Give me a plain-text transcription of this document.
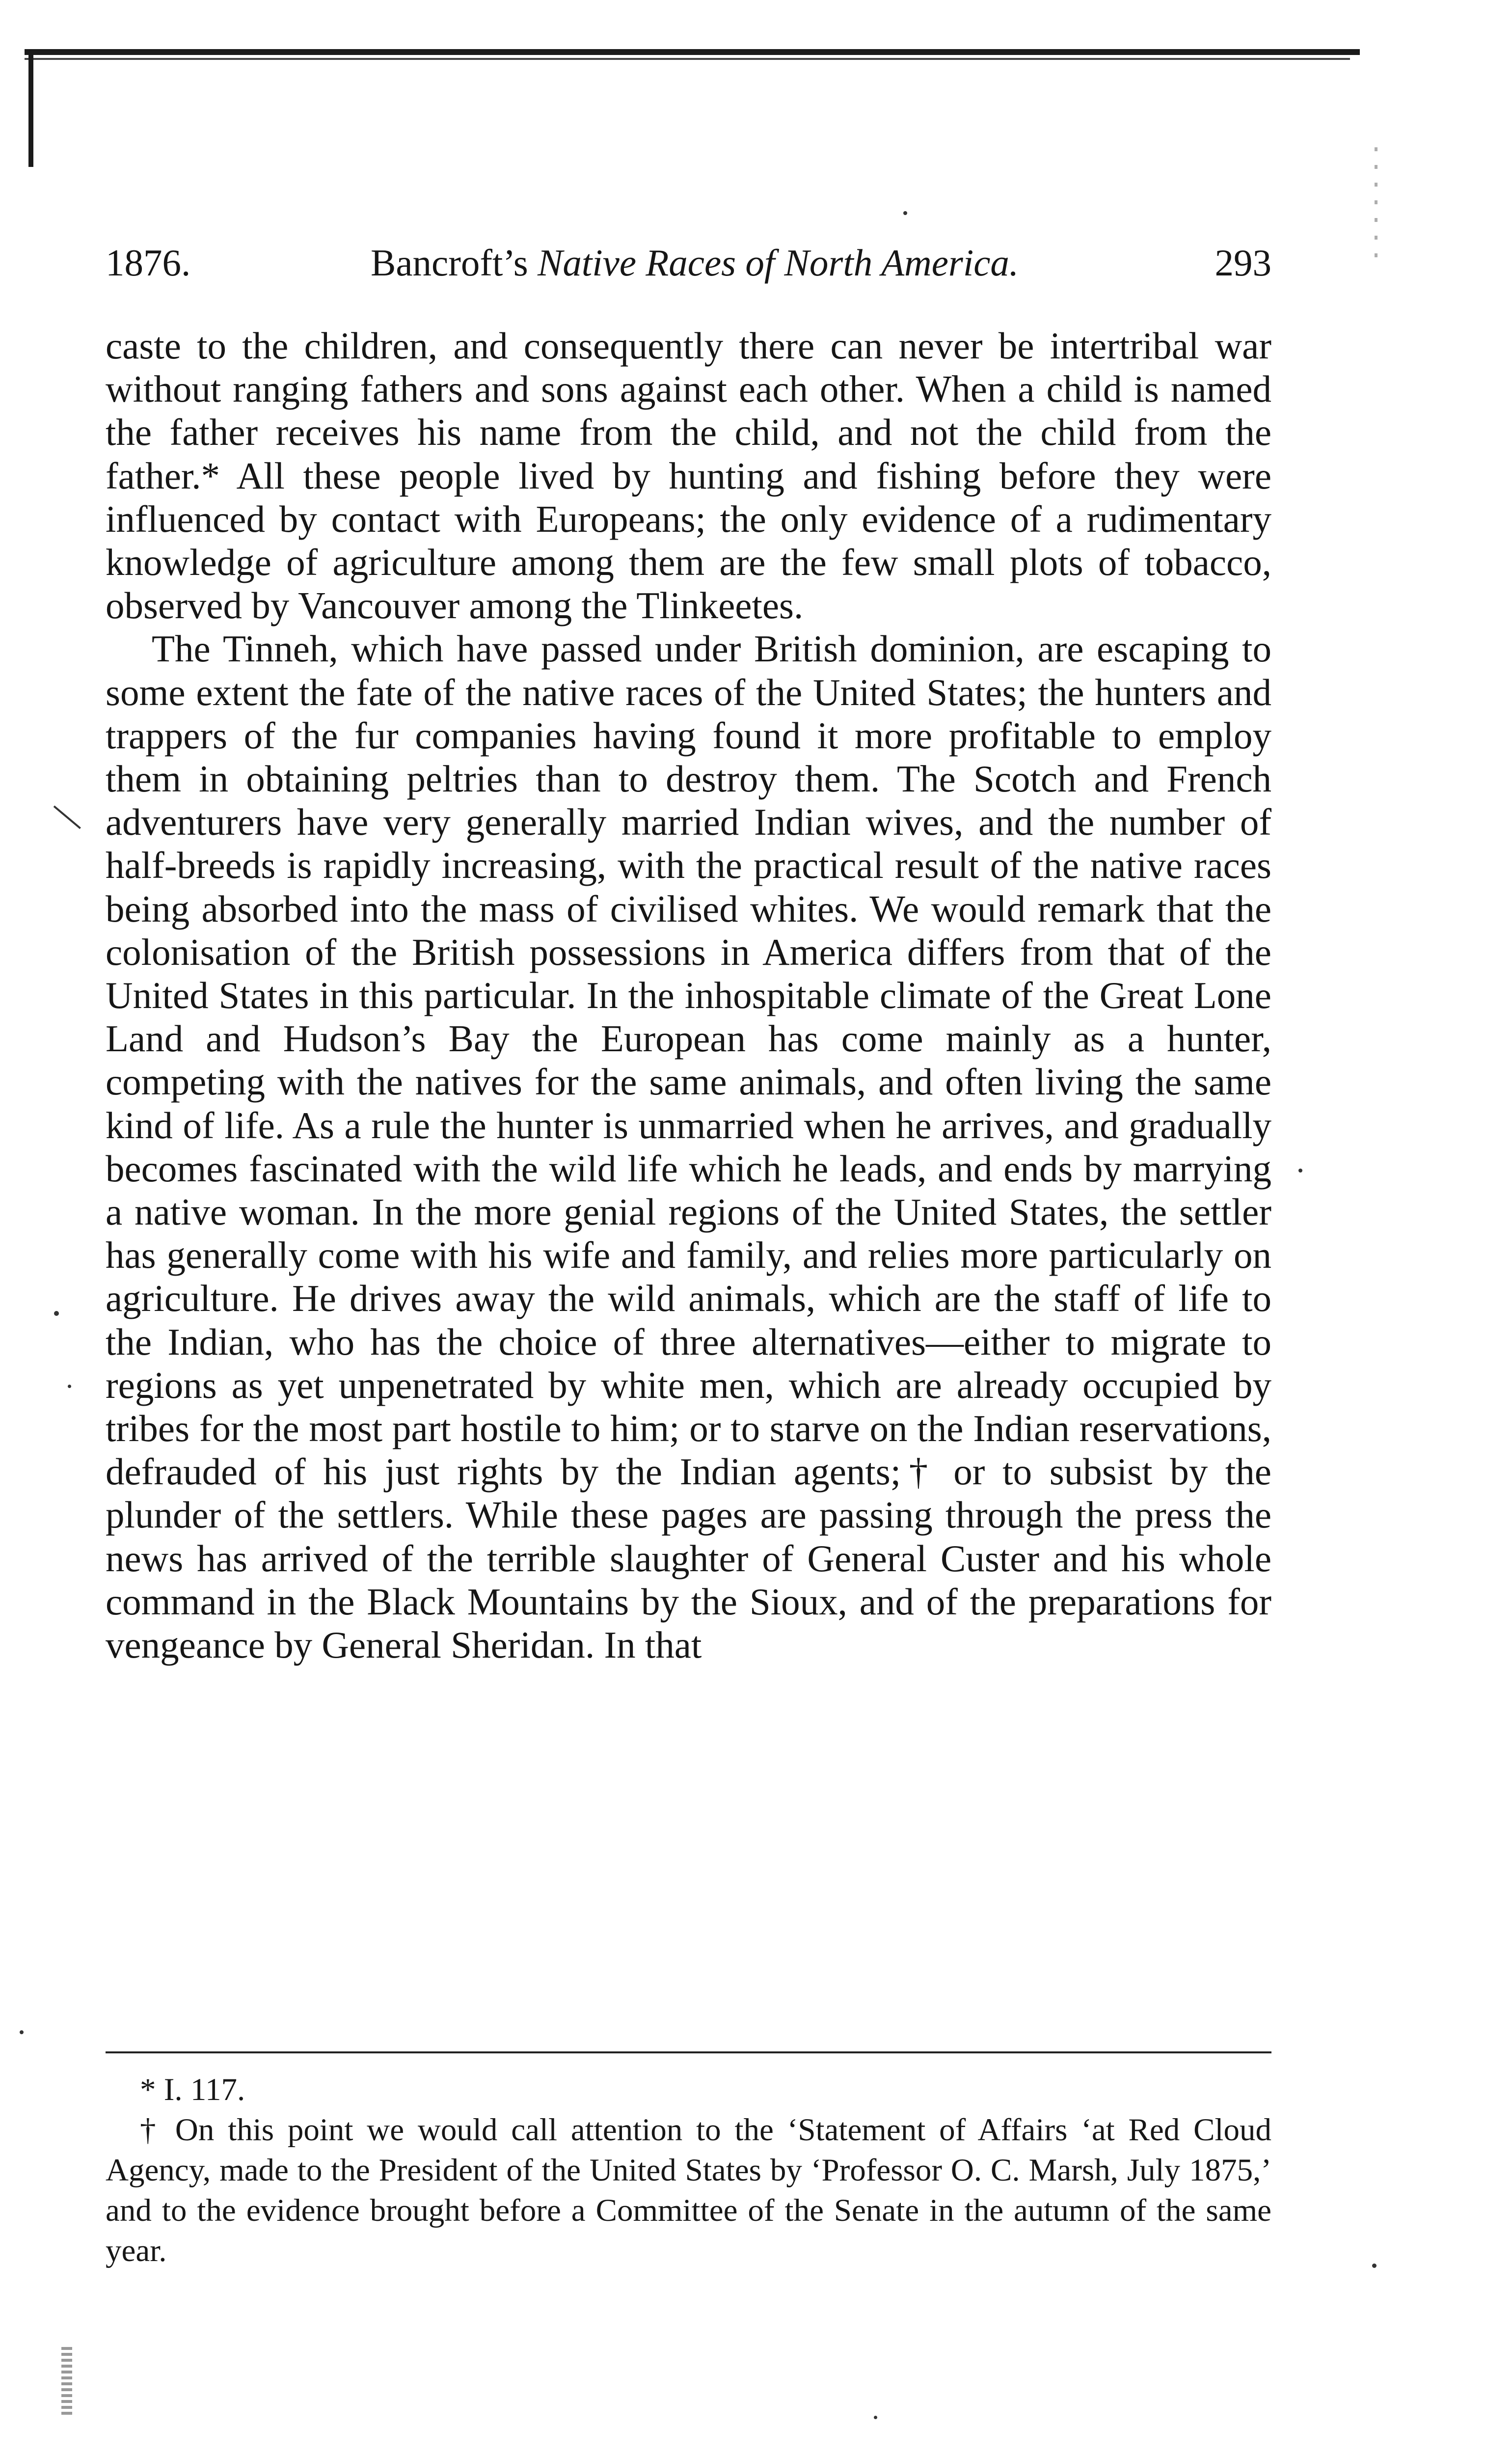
1876.	Bancroft’s Native Races of North America.	293

caste to the children, and consequently there can never be intertribal war without ranging fathers and sons against each other. When a child is named the father receives his name from the child, and not the child from the father.* All these people lived by hunting and fishing before they were influenced by contact with Europeans; the only evidence of a rudimentary knowledge of agriculture among them are the few small plots of tobacco, observed by Vancouver among the Tlinkeetes.

The Tinneh, which have passed under British dominion, are escaping to some extent the fate of the native races of the United States; the hunters and trappers of the fur companies having found it more profitable to employ them in obtaining peltries than to destroy them. The Scotch and French adventurers have very generally married Indian wives, and the number of half-breeds is rapidly increasing, with the practical result of the native races being absorbed into the mass of civilised whites. We would remark that the colonisation of the British possessions in America differs from that of the United States in this particular. In the inhospitable climate of the Great Lone Land and Hudson’s Bay the European has come mainly as a hunter, competing with the natives for the same animals, and often living the same kind of life. As a rule the hunter is unmarried when he arrives, and gradually becomes fascinated with the wild life which he leads, and ends by marrying a native woman. In the more genial regions of the United States, the settler has generally come with his wife and family, and relies more particularly on agriculture. He drives away the wild animals, which are the staff of life to the Indian, who has the choice of three alternatives—either to migrate to regions as yet unpenetrated by white men, which are already occupied by tribes for the most part hostile to him; or to starve on the Indian reservations, defrauded of his just rights by the Indian agents;† or to subsist by the plunder of the settlers. While these pages are passing through the press the news has arrived of the terrible slaughter of General Custer and his whole command in the Black Mountains by the Sioux, and of the preparations for vengeance by General Sheridan. In that

* I. 117.

† On this point we would call attention to the ‘Statement of Affairs ‘at Red Cloud Agency, made to the President of the United States by ‘Professor O. C. Marsh, July 1875,’ and to the evidence brought before a Committee of the Senate in the autumn of the same year.
